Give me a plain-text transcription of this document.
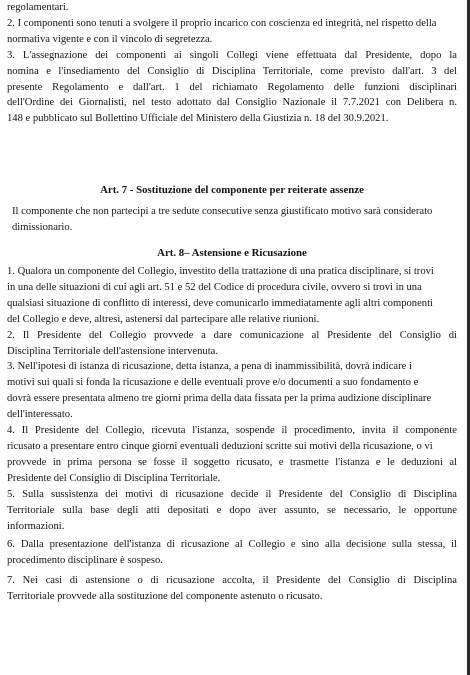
regolamentari.
2. I componenti sono tenuti a svolgere il proprio incarico con coscienza ed integrità, nel rispetto della
normativa vigente e con il vincolo di segretezza.
3. L'assegnazione dei componenti ai singoli Collegi viene effettuata dal Presidente, dopo la
nomina e l'insediamento del Consiglio di Disciplina Territoriale, come previsto dall'art. 3 del
presente Regolamento e dall'art. 1 del richiamato Regolamento delle funzioni disciplinari
dell'Ordine dei Giornalisti, nel testo adottato dal Consiglio Nazionale il 7.7.2021 con Delibera n.
148 e pubblicato sul Bollettino Ufficiale del Ministero della Giustizia n. 18 del 30.9.2021.
Art. 7 - Sostituzione del componente per reiterate assenze
Il componente che non partecipi a tre sedute consecutive senza giustificato motivo sarà considerato
dimissionario.
Art. 8– Astensione e Ricusazione
1. Qualora un componente del Collegio, investito della trattazione di una pratica disciplinare, si trovi
in una delle situazioni di cui agli art. 51 e 52 del Codice di procedura civile, ovvero si trovi in una
qualsiasi situazione di conflitto di interessi, deve comunicarlo immediatamente agli altri componenti
del Collegio e deve, altresì, astenersi dal partecipare alle relative riunioni.
2. Il Presidente del Collegio provvede a dare comunicazione al Presidente del Consiglio di
Disciplina Territoriale dell'astensione intervenuta.
3. Nell'ipotesi di istanza di ricusazione, detta istanza, a pena di inammissibilità, dovrà indicare i
motivi sui quali si fonda la ricusazione e delle eventuali prove e/o documenti a suo fondamento e
dovrà essere presentata almeno tre giorni prima della data fissata per la prima audizione disciplinare
dell'interessato.
4. Il Presidente del Collegio, ricevuta l'istanza, sospende il procedimento, invita il componente
ricusato a presentare entro cinque giorni eventuali deduzioni scritte sui motivi della ricusazione, o vi
provvede in prima persona se fosse il soggetto ricusato, e trasmette l'istanza e le deduzioni al
Presidente del Consiglio di Disciplina Territoriale.
5. Sulla sussistenza dei motivi di ricusazione decide il Presidente del Consiglio di Disciplina
Territoriale sulla base degli atti depositati e dopo aver assunto, se necessario, le opportune
informazioni.
6. Dalla presentazione dell'istanza di ricusazione al Collegio e sino alla decisione sulla stessa, il
procedimento disciplinare è sospeso.
7. Nei casi di astensione o di ricusazione accolta, il Presidente del Consiglio di Disciplina
Territoriale provvede alla sostituzione del componente astenuto o ricusato.
